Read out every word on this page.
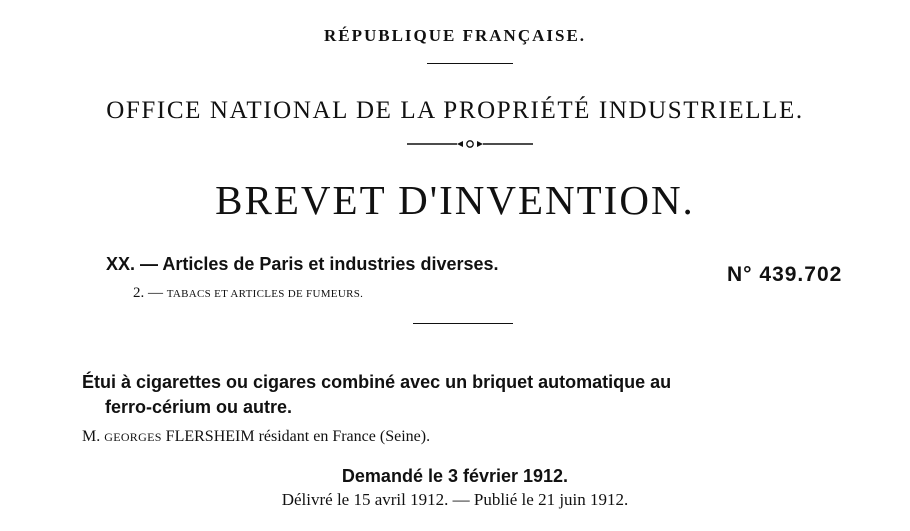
RÉPUBLIQUE FRANÇAISE.
OFFICE NATIONAL DE LA PROPRIÉTÉ INDUSTRIELLE.
BREVET D'INVENTION.
XX. — Articles de Paris et industries diverses.	N° 439.702
2. — TABACS ET ARTICLES DE FUMEURS.
Étui à cigarettes ou cigares combiné avec un briquet automatique au
ferro-cérium ou autre.
M. GEORGES FLERSHEIM résidant en France (Seine).
Demandé le 3 février 1912.
Délivré le 15 avril 1912. — Publié le 21 juin 1912.
